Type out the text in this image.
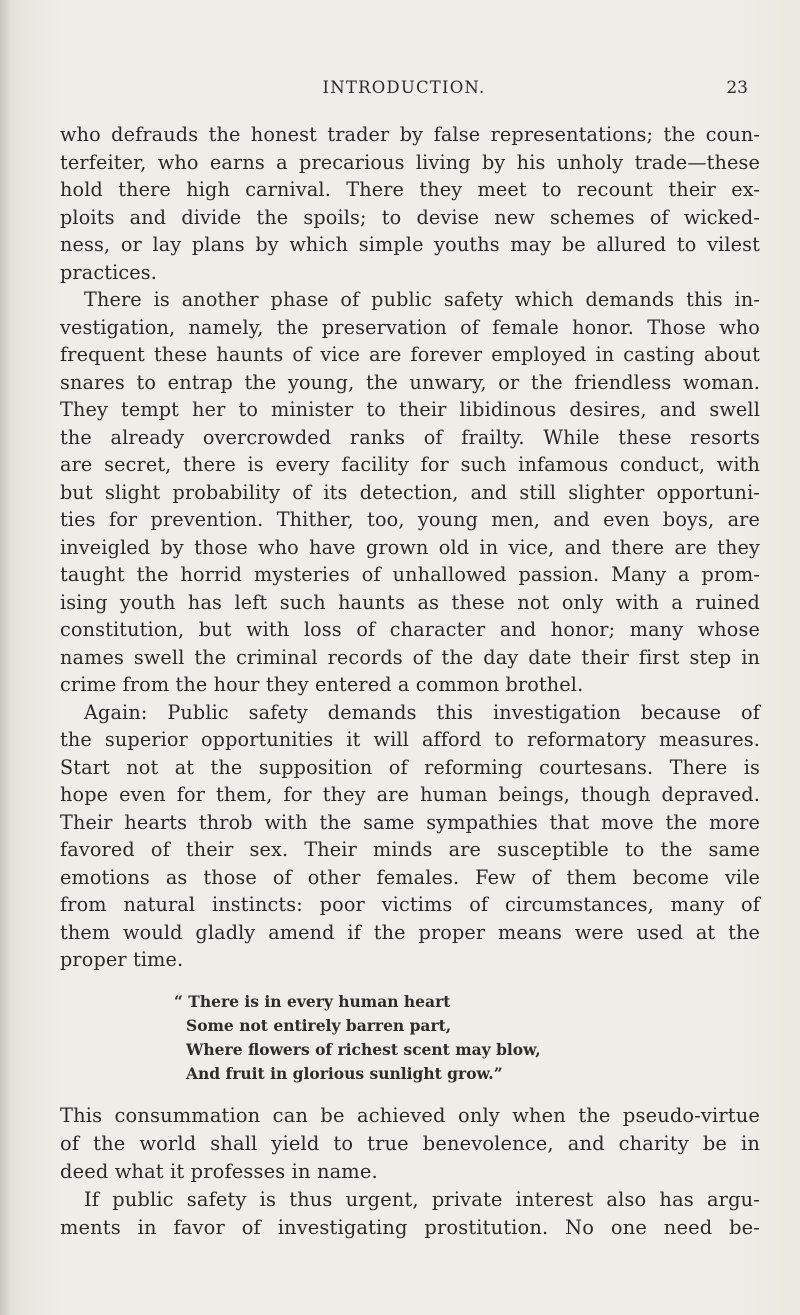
INTRODUCTION.	23
who defrauds the honest trader by false representations; the coun-
terfeiter, who earns a precarious living by his unholy trade—these
hold there high carnival. There they meet to recount their ex-
ploits and divide the spoils; to devise new schemes of wicked-
ness, or lay plans by which simple youths may be allured to vilest
practices.
There is another phase of public safety which demands this in-
vestigation, namely, the preservation of female honor. Those who
frequent these haunts of vice are forever employed in casting about
snares to entrap the young, the unwary, or the friendless woman.
They tempt her to minister to their libidinous desires, and swell
the already overcrowded ranks of frailty. While these resorts
are secret, there is every facility for such infamous conduct, with
but slight probability of its detection, and still slighter opportuni-
ties for prevention. Thither, too, young men, and even boys, are
inveigled by those who have grown old in vice, and there are they
taught the horrid mysteries of unhallowed passion. Many a prom-
ising youth has left such haunts as these not only with a ruined
constitution, but with loss of character and honor; many whose
names swell the criminal records of the day date their first step in
crime from the hour they entered a common brothel.
Again: Public safety demands this investigation because of
the superior opportunities it will afford to reformatory measures.
Start not at the supposition of reforming courtesans. There is
hope even for them, for they are human beings, though depraved.
Their hearts throb with the same sympathies that move the more
favored of their sex. Their minds are susceptible to the same
emotions as those of other females. Few of them become vile
from natural instincts: poor victims of circumstances, many of
them would gladly amend if the proper means were used at the
proper time.
“ There is in every human heart
Some not entirely barren part,
Where flowers of richest scent may blow,
And fruit in glorious sunlight grow.”
This consummation can be achieved only when the pseudo-virtue
of the world shall yield to true benevolence, and charity be in
deed what it professes in name.
If public safety is thus urgent, private interest also has argu-
ments in favor of investigating prostitution. No one need be-
